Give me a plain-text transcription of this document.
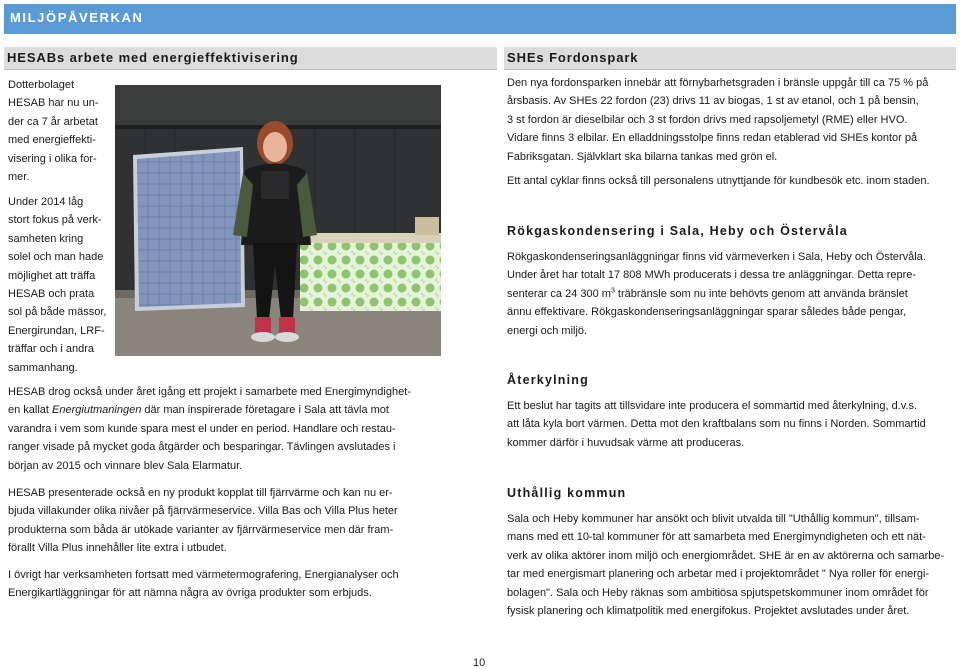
MILJÖPÅVERKAN
HESABs arbete med energieffektivisering	SHEs Fordonspark
Dotterbolaget
HESAB har nu un-
der ca 7 år arbetat
med energieffekti-
visering i olika for-
mer.
Under 2014 låg
stort fokus på verk-
samheten kring
solel och man hade
möjlighet att träffa
HESAB och prata
sol på både mässor,
Energirundan, LRF-
träffar och i andra
sammanhang.
HESAB drog också under året igång ett projekt i samarbete med Energimyndighet-
en kallat Energiutmaningen där man inspirerade företagare i Sala att tävla mot
varandra i vem som kunde spara mest el under en period. Handlare och restau-
ranger visade på mycket goda åtgärder och besparingar. Tävlingen avslutades i
början av 2015 och vinnare blev Sala Elarmatur.
HESAB presenterade också en ny produkt kopplat till fjärrvärme och kan nu er-
bjuda villakunder olika nivåer på fjärrvärmeservice. Villa Bas och Villa Plus heter
produkterna som båda är utökade varianter av fjärrvärmeservice men där fram-
förallt Villa Plus innehåller lite extra i utbudet.
I övrigt har verksamheten fortsatt med värmetermografering, Energianalyser och
Energikartläggningar för att nämna några av övriga produkter som erbjuds.
Den nya fordonsparken innebär att förnybarhetsgraden i bränsle uppgår till ca 75 % på
årsbasis. Av SHEs 22 fordon (23) drivs 11 av biogas, 1 st av etanol, och 1 på bensin,
3 st fordon är dieselbilar och 3 st fordon drivs med rapsoljemetyl (RME) eller HVO.
Vidare finns 3 elbilar. En elladdningsstolpe finns redan etablerad vid SHEs kontor på
Fabriksgatan. Självklart ska bilarna tankas med grön el.
Ett antal cyklar finns också till personalens utnyttjande för kundbesök etc. inom staden.
Rökgaskondensering i Sala, Heby och Östervåla
Rökgaskondenseringsanläggningar finns vid värmeverken i Sala, Heby och Östervåla.
Under året har totalt 17 808 MWh producerats i dessa tre anläggningar. Detta repre-
senterar ca 24 300 $m^3$ träbränsle som nu inte behövts genom att använda bränslet
ännu effektivare. Rökgaskondenseringsanläggningar sparar således både pengar,
energi och miljö.
Återkylning
Ett beslut har tagits att tillsvidare inte producera el sommartid med återkylning, d.v.s.
att låta kyla bort värmen. Detta mot den kraftbalans som nu finns i Norden. Sommartid
kommer därför i huvudsak värme att produceras.
Uthållig kommun
Sala och Heby kommuner har ansökt och blivit utvalda till "Uthållig kommun", tillsam-
mans med ett 10-tal kommuner för att samarbeta med Energimyndigheten och ett nät-
verk av olika aktörer inom miljö och energiområdet. SHE är en av aktörerna och samarbe-
tar med energismart planering och arbetar med i projektområdet " Nya roller för energi-
bolagen". Sala och Heby räknas som ambitiösa spjutspetskommuner inom området för
fysisk planering och klimatpolitik med energifokus. Projektet avslutades under året.
10
